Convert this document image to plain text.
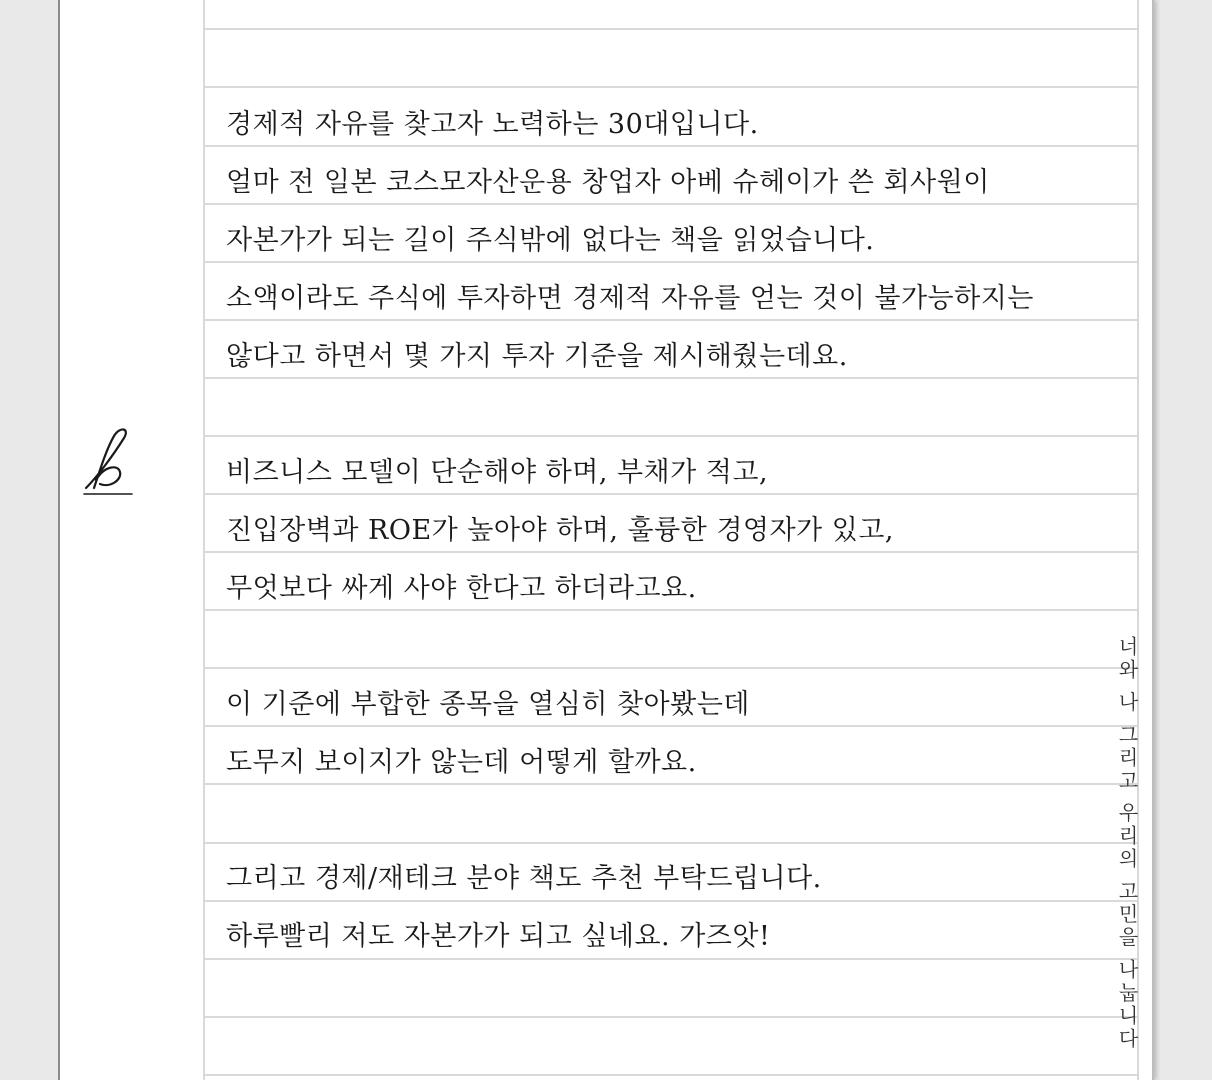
경제적 자유를 찾고자 노력하는 30대입니다.
얼마 전 일본 코스모자산운용 창업자 아베 슈헤이가 쓴 회사원이
자본가가 되는 길이 주식밖에 없다는 책을 읽었습니다.
소액이라도 주식에 투자하면 경제적 자유를 얻는 것이 불가능하지는
않다고 하면서 몇 가지 투자 기준을 제시해줬는데요.
비즈니스 모델이 단순해야 하며, 부채가 적고,
진입장벽과 ROE가 높아야 하며, 훌륭한 경영자가 있고,
무엇보다 싸게 사야 한다고 하더라고요.
이 기준에 부합한 종목을 열심히 찾아봤는데
도무지 보이지가 않는데 어떻게 할까요.
그리고 경제/재테크 분야 책도 추천 부탁드립니다.
하루빨리 저도 자본가가 되고 싶네요. 가즈앗!	너와 나 그리고 우리의 고민을 나눕니다
